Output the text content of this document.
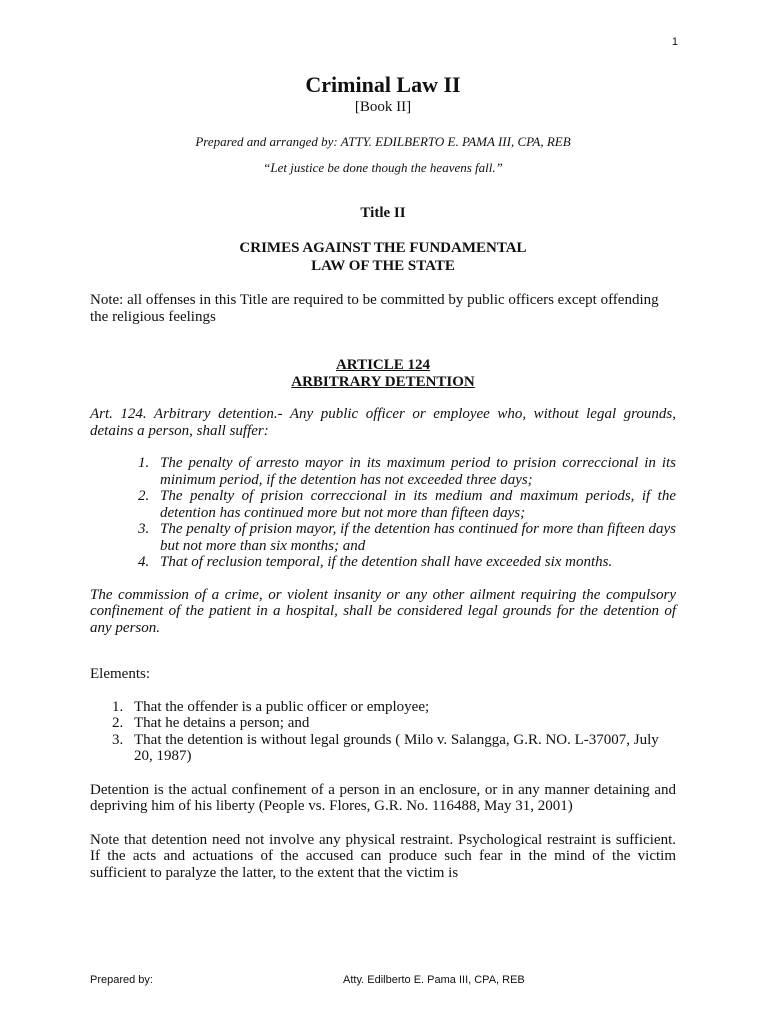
1
Criminal Law II
[Book II]
Prepared and arranged by: ATTY. EDILBERTO E. PAMA III, CPA, REB
“Let justice be done though the heavens fall.”
Title II
CRIMES AGAINST THE FUNDAMENTAL
LAW OF THE STATE

Note: all offenses in this Title are required to be committed by public officers except offending the religious feelings

ARTICLE 124
ARBITRARY DETENTION

Art. 124. Arbitrary detention.- Any public officer or employee who, without legal grounds, detains a person, shall suffer:

1. The penalty of arresto mayor in its maximum period to prision correccional in its minimum period, if the detention has not exceeded three days;
2. The penalty of prision correccional in its medium and maximum periods, if the detention has continued more but not more than fifteen days;
3. The penalty of prision mayor, if the detention has continued for more than fifteen days but not more than six months; and
4. That of reclusion temporal, if the detention shall have exceeded six months.

The commission of a crime, or violent insanity or any other ailment requiring the compulsory confinement of the patient in a hospital, shall be considered legal grounds for the detention of any person.

Elements:

1. That the offender is a public officer or employee;
2. That he detains a person; and
3. That the detention is without legal grounds ( Milo v. Salangga, G.R. NO. L-37007, July 20, 1987)

Detention is the actual confinement of a person in an enclosure, or in any manner detaining and depriving him of his liberty (People vs. Flores, G.R. No. 116488, May 31, 2001)

Note that detention need not involve any physical restraint. Psychological restraint is sufficient. If the acts and actuations of the accused can produce such fear in the mind of the victim sufficient to paralyze the latter, to the extent that the victim is

Prepared by:	Atty. Edilberto E. Pama III, CPA, REB
